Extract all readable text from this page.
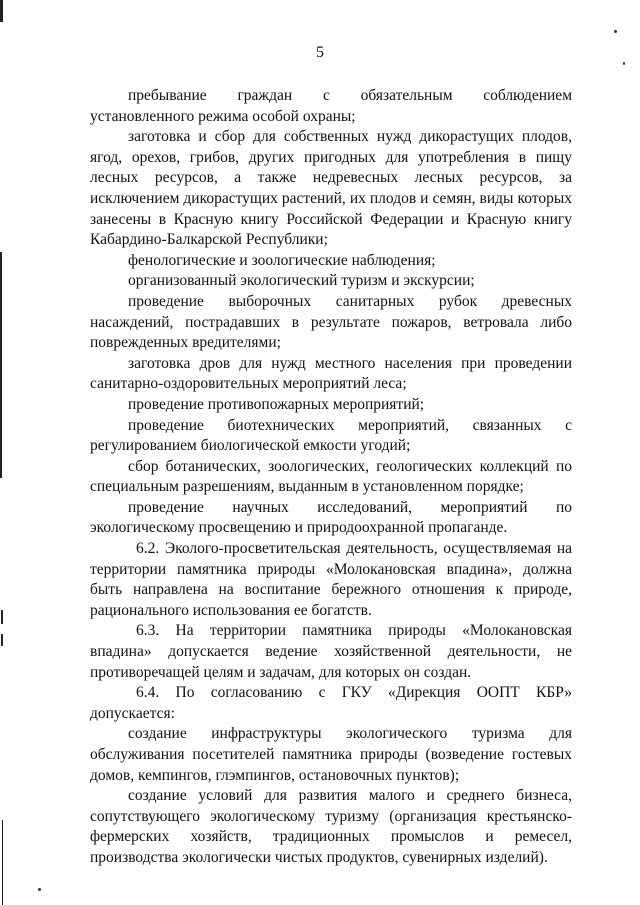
5

пребывание граждан с обязательным соблюдением установленного режима особой охраны;

заготовка и сбор для собственных нужд дикорастущих плодов, ягод, орехов, грибов, других пригодных для употребления в пищу лесных ресурсов, а также недревесных лесных ресурсов, за исключением дикорастущих растений, их плодов и семян, виды которых занесены в Красную книгу Российской Федерации и Красную книгу Кабардино-Балкарской Республики;

фенологические и зоологические наблюдения;

организованный экологический туризм и экскурсии;

проведение выборочных санитарных рубок древесных насаждений, пострадавших в результате пожаров, ветровала либо поврежденных вредителями;

заготовка дров для нужд местного населения при проведении санитарно-оздоровительных мероприятий леса;

проведение противопожарных мероприятий;

проведение биотехнических мероприятий, связанных с регулированием биологической емкости угодий;

сбор ботанических, зоологических, геологических коллекций по специальным разрешениям, выданным в установленном порядке;

проведение научных исследований, мероприятий по экологическому просвещению и природоохранной пропаганде.

6.2. Эколого-просветительская деятельность, осуществляемая на территории памятника природы «Молокановская впадина», должна быть направлена на воспитание бережного отношения к природе, рационального использования ее богатств.

6.3. На территории памятника природы «Молокановская впадина» допускается ведение хозяйственной деятельности, не противоречащей целям и задачам, для которых он создан.

6.4. По согласованию с ГКУ «Дирекция ООПТ КБР» допускается:

создание инфраструктуры экологического туризма для обслуживания посетителей памятника природы (возведение гостевых домов, кемпингов, глэмпингов, остановочных пунктов);

создание условий для развития малого и среднего бизнеса, сопутствующего экологическому туризму (организация крестьянско-фермерских хозяйств, традиционных промыслов и ремесел, производства экологически чистых продуктов, сувенирных изделий).
